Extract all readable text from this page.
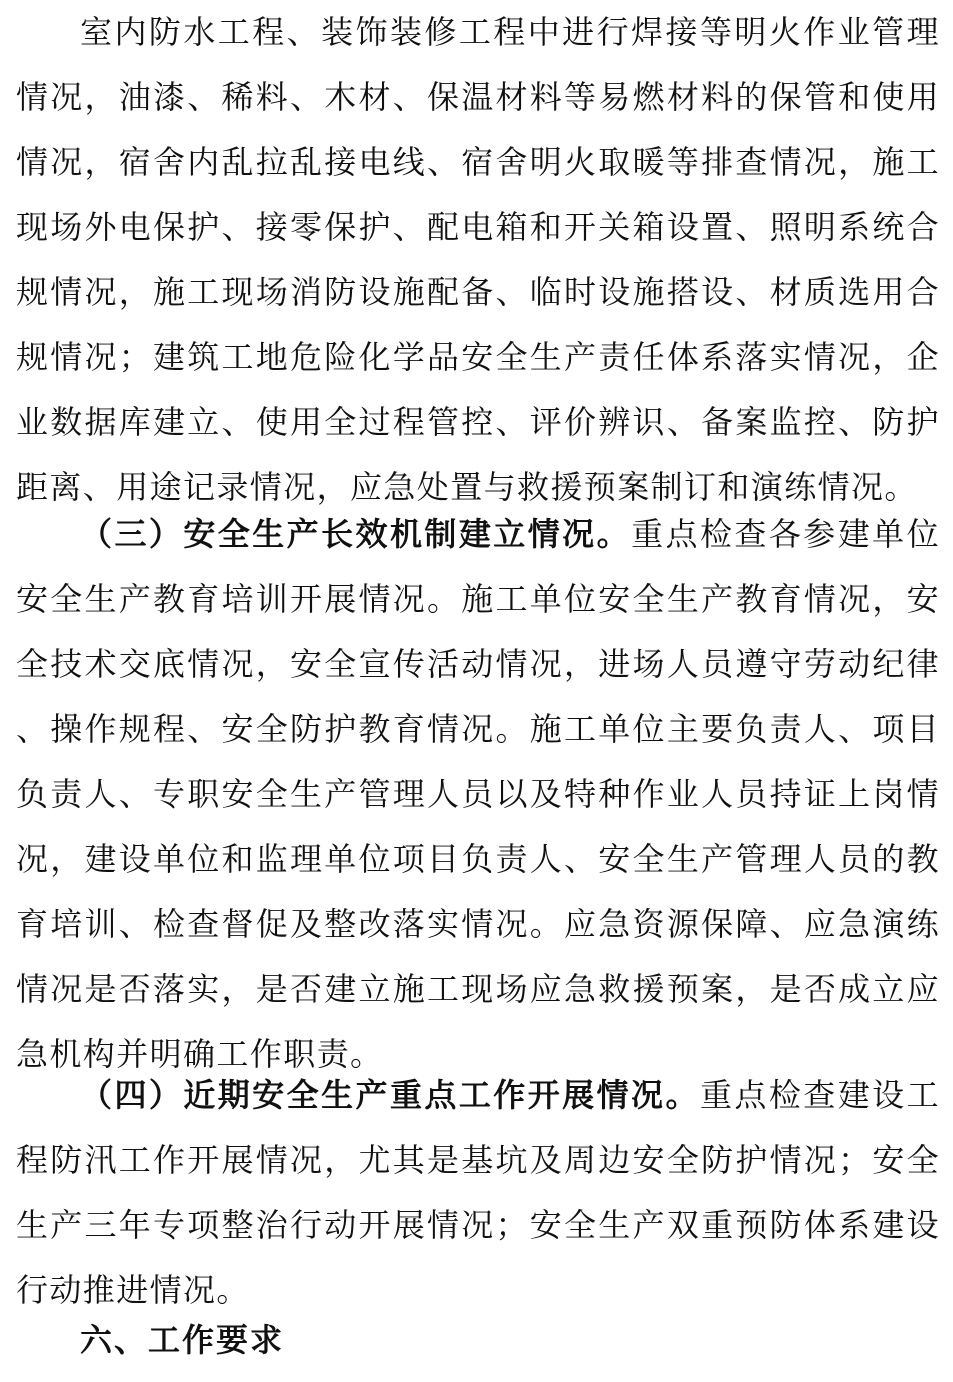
室内防水工程、装饰装修工程中进行焊接等明火作业管理情况，油漆、稀料、木材、保温材料等易燃材料的保管和使用情况，宿舍内乱拉乱接电线、宿舍明火取暖等排查情况，施工现场外电保护、接零保护、配电箱和开关箱设置、照明系统合规情况，施工现场消防设施配备、临时设施搭设、材质选用合规情况；建筑工地危险化学品安全生产责任体系落实情况，企业数据库建立、使用全过程管控、评价辨识、备案监控、防护距离、用途记录情况，应急处置与救援预案制订和演练情况。

（三）安全生产长效机制建立情况。重点检查各参建单位安全生产教育培训开展情况。施工单位安全生产教育情况，安全技术交底情况，安全宣传活动情况，进场人员遵守劳动纪律、操作规程、安全防护教育情况。施工单位主要负责人、项目负责人、专职安全生产管理人员以及特种作业人员持证上岗情况，建设单位和监理单位项目负责人、安全生产管理人员的教育培训、检查督促及整改落实情况。应急资源保障、应急演练情况是否落实，是否建立施工现场应急救援预案，是否成立应急机构并明确工作职责。

（四）近期安全生产重点工作开展情况。重点检查建设工程防汛工作开展情况，尤其是基坑及周边安全防护情况；安全生产三年专项整治行动开展情况；安全生产双重预防体系建设行动推进情况。

六、工作要求
